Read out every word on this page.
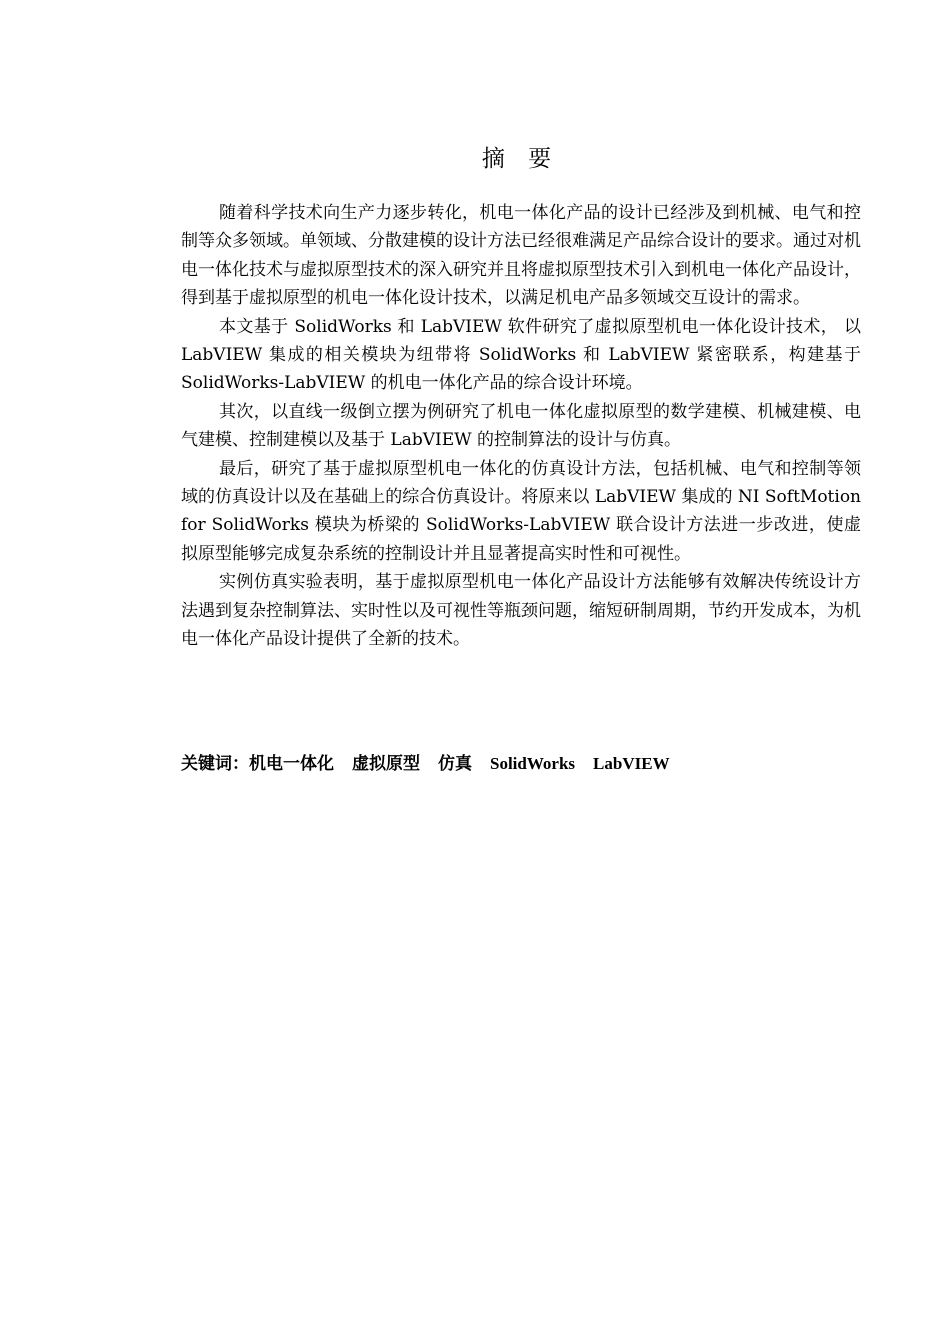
摘 要

随着科学技术向生产力逐步转化，机电一体化产品的设计已经涉及到机械、电气和控制等众多领域。单领域、分散建模的设计方法已经很难满足产品综合设计的要求。通过对机电一体化技术与虚拟原型技术的深入研究并且将虚拟原型技术引入到机电一体化产品设计，得到基于虚拟原型的机电一体化设计技术，以满足机电产品多领域交互设计的需求。

本文基于 SolidWorks 和 LabVIEW 软件研究了虚拟原型机电一体化设计技术， 以 LabVIEW 集成的相关模块为纽带将 SolidWorks 和 LabVIEW 紧密联系，构建基于 SolidWorks-LabVIEW 的机电一体化产品的综合设计环境。

其次，以直线一级倒立摆为例研究了机电一体化虚拟原型的数学建模、机械建模、电气建模、控制建模以及基于 LabVIEW 的控制算法的设计与仿真。

最后，研究了基于虚拟原型机电一体化的仿真设计方法，包括机械、电气和控制等领域的仿真设计以及在基础上的综合仿真设计。将原来以 LabVIEW 集成的 NI SoftMotion for SolidWorks 模块为桥梁的 SolidWorks-LabVIEW 联合设计方法进一步改进，使虚拟原型能够完成复杂系统的控制设计并且显著提高实时性和可视性。

实例仿真实验表明，基于虚拟原型机电一体化产品设计方法能够有效解决传统设计方法遇到复杂控制算法、实时性以及可视性等瓶颈问题，缩短研制周期，节约开发成本，为机电一体化产品设计提供了全新的技术。

关键词：机电一体化 虚拟原型 仿真 SolidWorks LabVIEW
